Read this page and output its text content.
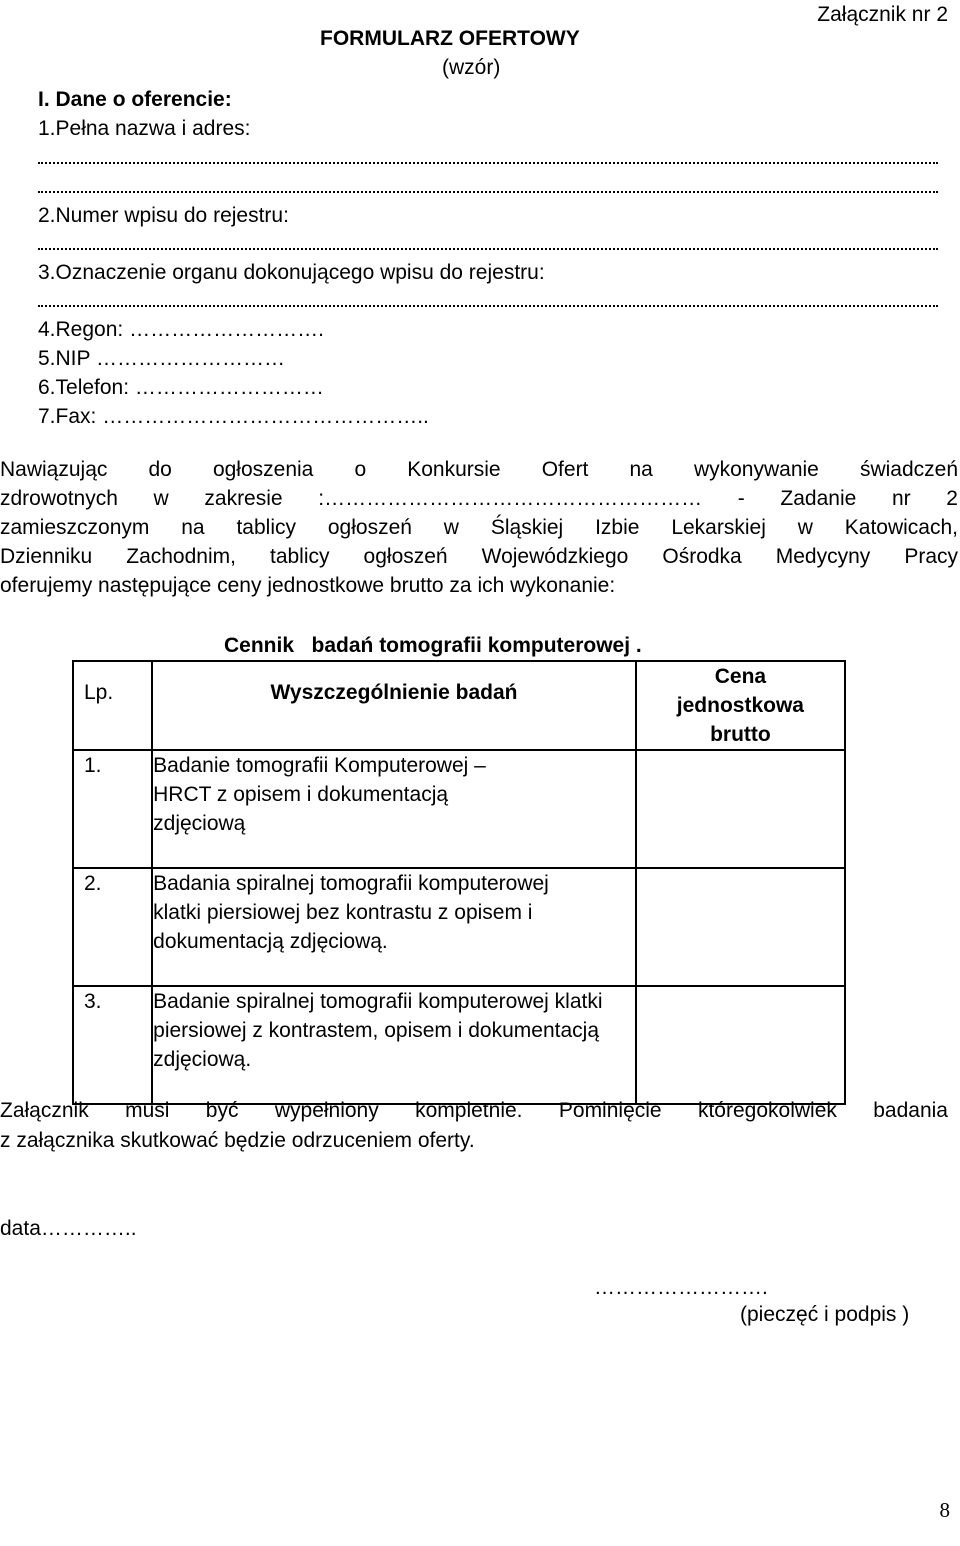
Załącznik nr 2
FORMULARZ OFERTOWY
(wzór)
I. Dane o oferencie:
1.Pełna nazwa i adres:
2.Numer wpisu do rejestru:
3.Oznaczenie organu dokonującego wpisu do rejestru:
4.Regon: ……………………….
5.NIP ………………………
6.Telefon: ………………………
7.Fax: ………………………………………..
Nawiązując do ogłoszenia o Konkursie Ofert na wykonywanie świadczeń
zdrowotnych w zakresie :……………………………………………… - Zadanie nr 2
zamieszczonym na tablicy ogłoszeń w Śląskiej Izbie Lekarskiej w Katowicach,
Dzienniku Zachodnim, tablicy ogłoszeń Wojewódzkiego Ośrodka Medycyny Pracy
oferujemy następujące ceny jednostkowe brutto za ich wykonanie:
Cennik   badań tomografii komputerowej .
Lp.	Wyszczególnienie badań	Cena jednostkowa brutto
1.	Badanie tomografii Komputerowej – HRCT z opisem i dokumentacją zdjęciową	
2.	Badania spiralnej tomografii komputerowej klatki piersiowej bez kontrastu z opisem i dokumentacją zdjęciową.	
3.	Badanie spiralnej tomografii komputerowej klatki piersiowej z kontrastem, opisem i dokumentacją zdjęciową.	
Załącznik musi być wypełniony kompletnie. Pominięcie któregokolwiek badania
z załącznika skutkować będzie odrzuceniem oferty.
data…………..
…………………….
(pieczęć i podpis )
8
